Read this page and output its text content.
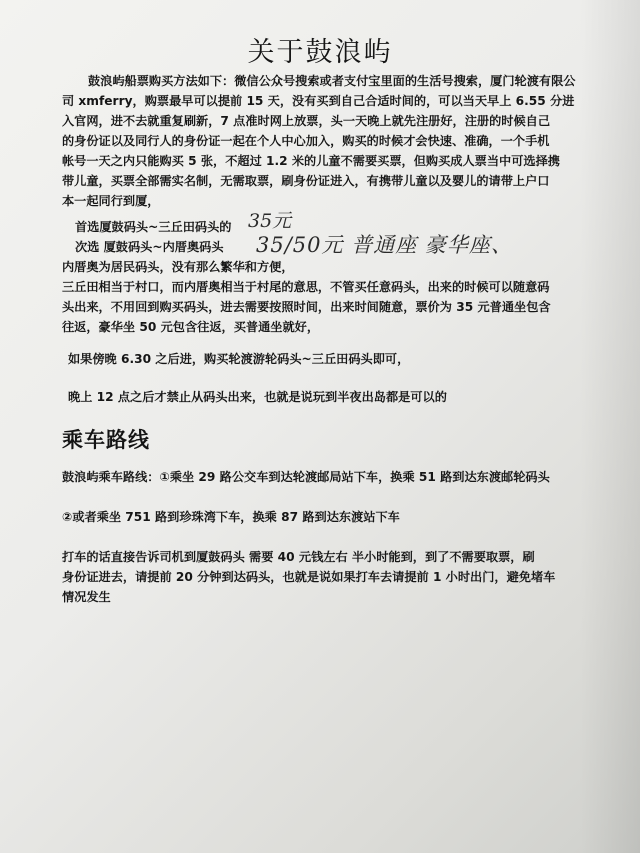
关于鼓浪屿
鼓浪屿船票购买方法如下：微信公众号搜索或者支付宝里面的生活号搜索，厦门轮渡有限公
司 xmferry，购票最早可以提前 15 天，没有买到自己合适时间的，可以当天早上 6.55 分进
入官网，进不去就重复刷新，7 点准时网上放票，头一天晚上就先注册好，注册的时候自己
的身份证以及同行人的身份证一起在个人中心加入，购买的时候才会快速、准确，一个手机
帐号一天之内只能购买 5 张，不超过 1.2 米的儿童不需要买票，但购买成人票当中可选择携
带儿童，买票全部需实名制，无需取票，刷身份证进入，有携带儿童以及婴儿的请带上户口
本一起同行到厦，
首选厦鼓码头~三丘田码头的
次选 厦鼓码头~内厝奥码头
内厝奥为居民码头，没有那么繁华和方便，
三丘田相当于村口，而内厝奥相当于村尾的意思，不管买任意码头，出来的时候可以随意码
头出来，不用回到购买码头，进去需要按照时间，出来时间随意，票价为 35 元普通坐包含
往返，豪华坐 50 元包含往返，买普通坐就好，
35元
35/50元 普通座 豪华座、
如果傍晚 6.30 之后进，购买轮渡游轮码头~三丘田码头即可，
晚上 12 点之后才禁止从码头出来，也就是说玩到半夜出岛都是可以的
乘车路线
鼓浪屿乘车路线：①乘坐 29 路公交车到达轮渡邮局站下车，换乘 51 路到达东渡邮轮码头
②或者乘坐 751 路到珍珠湾下车，换乘 87 路到达东渡站下车
打车的话直接告诉司机到厦鼓码头 需要 40 元钱左右 半小时能到，到了不需要取票，刷
身份证进去，请提前 20 分钟到达码头，也就是说如果打车去请提前 1 小时出门，避免堵车
情况发生
